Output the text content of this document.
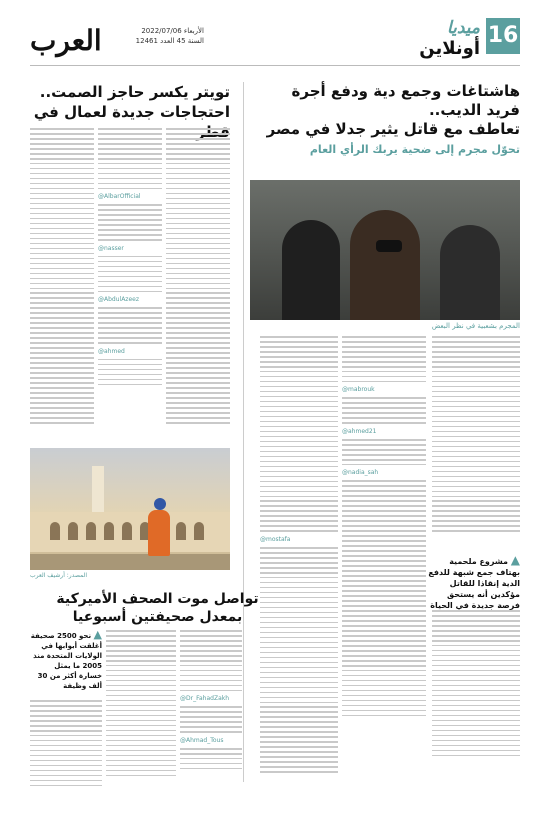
16
ميديا
أونلاين
العرب	الأربعاء 2022/07/06
السنة 45 العدد 12461
هاشتاغات وجمع دية ودفع أجرة فريد الديب..
تعاطف مع قاتل يثير جدلا في مصر
تحوّل مجرم إلى ضحية يربك الرأي العام
تويتر يكسر حاجز الصمت..
احتجاجات جديدة لعمال في
المجرم بشعبية في نظر البعض
@mabrouk
@ahmed21
@nadia_sah
@mostafa
▲ مشروع ملحمية بهتاف جمع شبهة للدفع الدية إنقاذا للقاتل مؤكدين أنه يستحق فرصة جديدة في الحياة
@AlbarOfficial
@nasser
@AbdulAzeez
@ahmed
المصدر: أرشيف العرب
تواصل موت الصحف الأميركية
بمعدل صحيفتين أسبوعيا
▲ نحو 2500 صحيفة أغلقت أبوابها في الولايات المتحدة منذ 2005 ما يمثل خسارة أكثر من 30 ألف وظيفة
@Dr_FahadZakh
@Ahmad_Tous
